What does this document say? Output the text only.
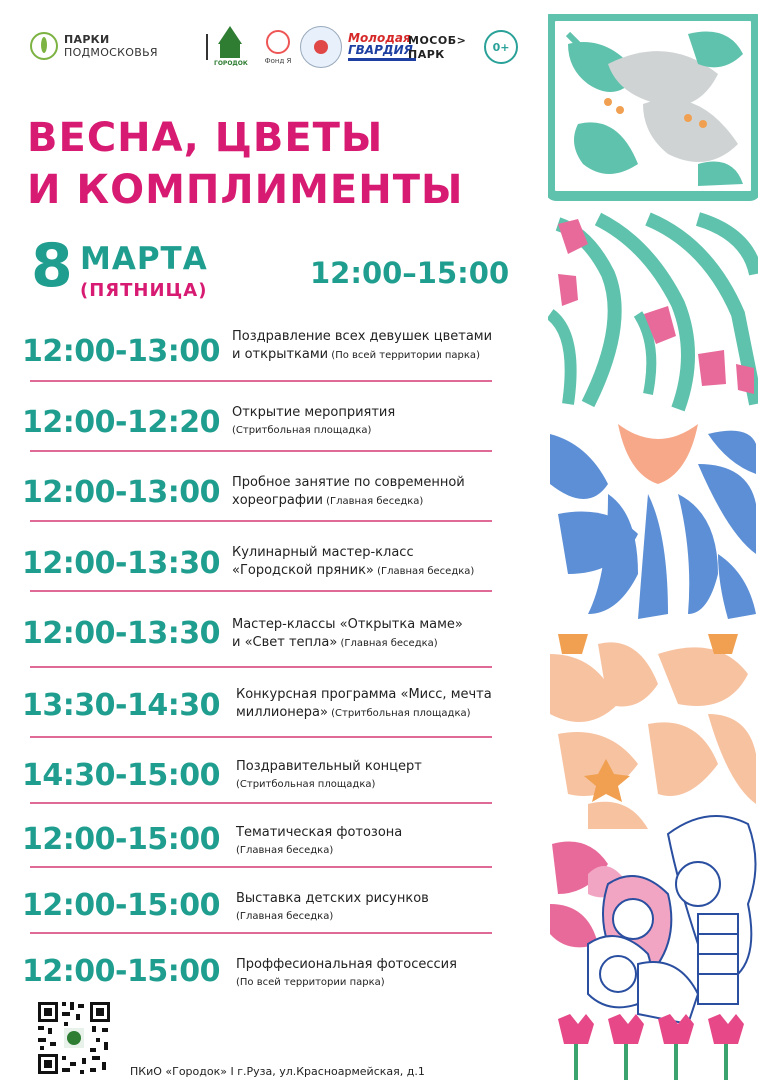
ПАРКИ
ПОДМОСКОВЬЯ
ГОРОДОК	Фонд Я
Молодая
ГВАРДИЯ
МОСОБ>
ПАРК
0+
ВЕСНА, ЦВЕТЫ
И КОМПЛИМЕНТЫ
8 МАРТА
(ПЯТНИЦА)
12:00–15:00
12:00-13:00 Поздравление всех девушек цветами
и открытками (По всей территории парка)
12:00-12:20 Открытие мероприятия
(Стритбольная площадка)
12:00-13:00 Пробное занятие по современной
хореографии (Главная беседка)
12:00-13:30 Кулинарный мастер-класс
«Городской пряник» (Главная беседка)
12:00-13:30 Мастер-классы «Открытка маме»
и «Свет тепла» (Главная беседка)
13:30-14:30	Конкурсная программа «Мисс, мечта
миллионера» (Стритбольная площадка)
14:30-15:00	Поздравительный концерт
(Стритбольная площадка)
12:00-15:00	Тематическая фотозона
(Главная беседка)
12:00-15:00	Выставка детских рисунков
(Главная беседка)
12:00-15:00	Проффесиональная фотосессия
(По всей территории парка)
ПКиО «Городок» І г.Руза, ул.Красноармейская, д.1
